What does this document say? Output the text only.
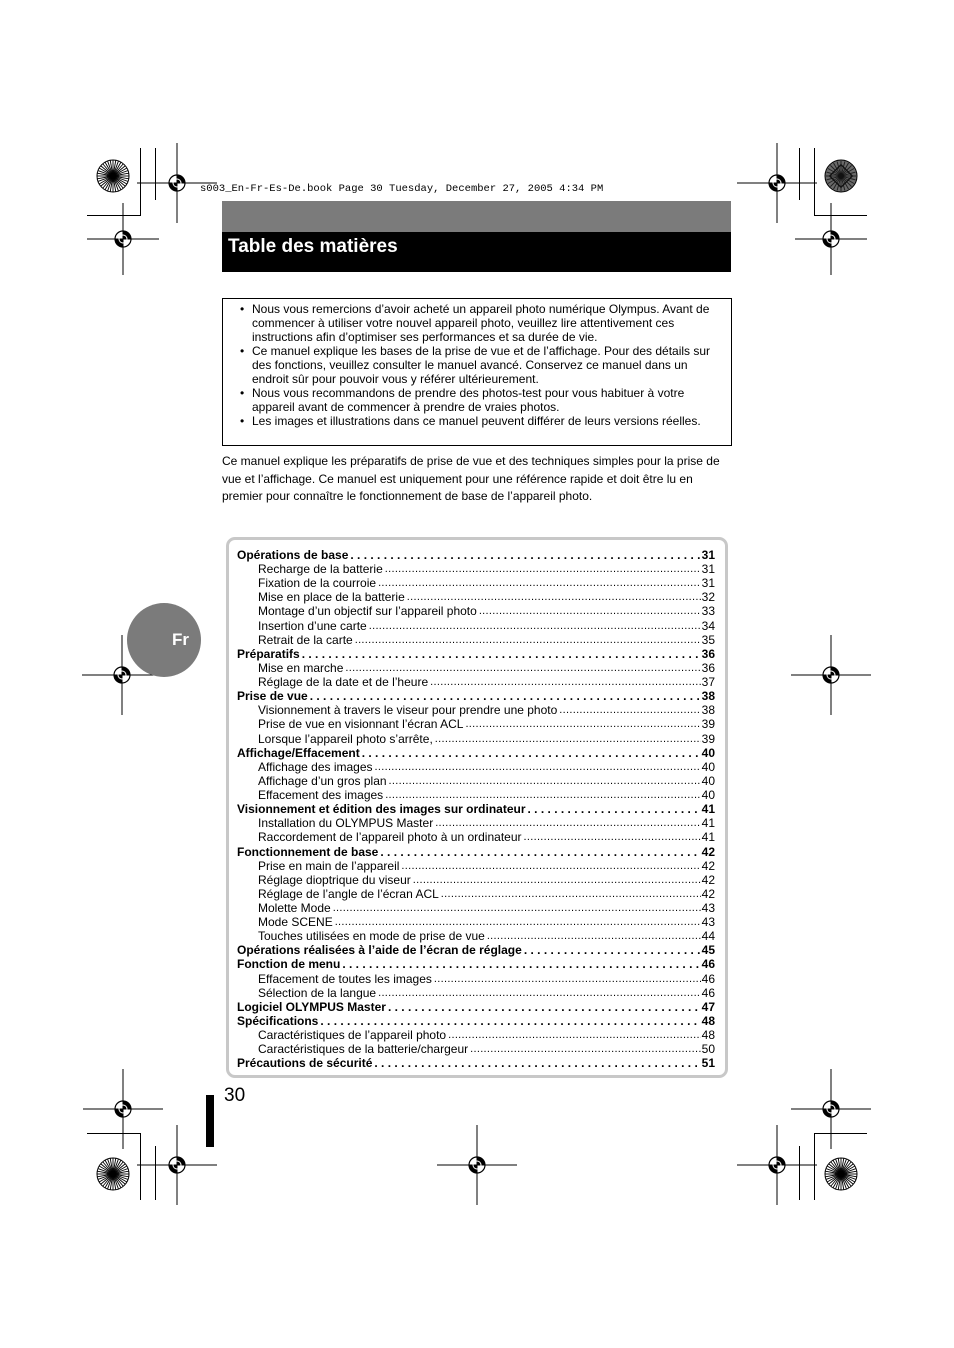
s003_En-Fr-Es-De.book Page 30 Tuesday, December 27, 2005 4:34 PM
Table des matières
• Nous vous remercions d’avoir acheté un appareil photo numérique Olympus. Avant de commencer à utiliser votre nouvel appareil photo, veuillez lire attentivement ces instructions afin d’optimiser ses performances et sa durée de vie.
• Ce manuel explique les bases de la prise de vue et de l’affichage. Pour des détails sur des fonctions, veuillez consulter le manuel avancé. Conservez ce manuel dans un endroit sûr pour pouvoir vous y référer ultérieurement.
• Nous vous recommandons de prendre des photos-test pour vous habituer à votre appareil avant de commencer à prendre de vraies photos.
• Les images et illustrations dans ce manuel peuvent différer de leurs versions réelles.
Ce manuel explique les préparatifs de prise de vue et des techniques simples pour la prise de vue et l’affichage. Ce manuel est uniquement pour une référence rapide et doit être lu en premier pour connaître le fonctionnement de base de l’appareil photo.
Opérations de base . . .	31
Recharge de la batterie .....	31
Fixation de la courroie .....	31
Mise en place de la batterie .....	32
Montage d’un objectif sur l’appareil photo .....	33
Insertion d’une carte .....	34
Retrait de la carte .....	35
Préparatifs . . .	36
Mise en marche .....	36
Réglage de la date et de l’heure .....	37
Prise de vue . . .	38
Visionnement à travers le viseur pour prendre une photo .....	38
Prise de vue en visionnant l’écran ACL .....	39
Lorsque l’appareil photo s’arrête, .....	39
Affichage/Effacement . . .	40
Affichage des images .....	40
Affichage d’un gros plan .....	40
Effacement des images .....	40
Visionnement et édition des images sur ordinateur . . .	41
Installation du OLYMPUS Master .....	41
Raccordement de l’appareil photo à un ordinateur .....	41
Fonctionnement de base . . .	42
Prise en main de l’appareil .....	42
Réglage dioptrique du viseur .....	42
Réglage de l’angle de l’écran ACL .....	42
Molette Mode .....	43
Mode SCENE .....	43
Touches utilisées en mode de prise de vue .....	44
Opérations réalisées à l’aide de l’écran de réglage . . .	45
Fonction de menu . . .	46
Effacement de toutes les images .....	46
Sélection de la langue .....	46
Logiciel OLYMPUS Master . . .	47
Spécifications . . .	48
Caractéristiques de l’appareil photo .....	48
Caractéristiques de la batterie/chargeur .....	50
Précautions de sécurité . . .	51
Fr
30
